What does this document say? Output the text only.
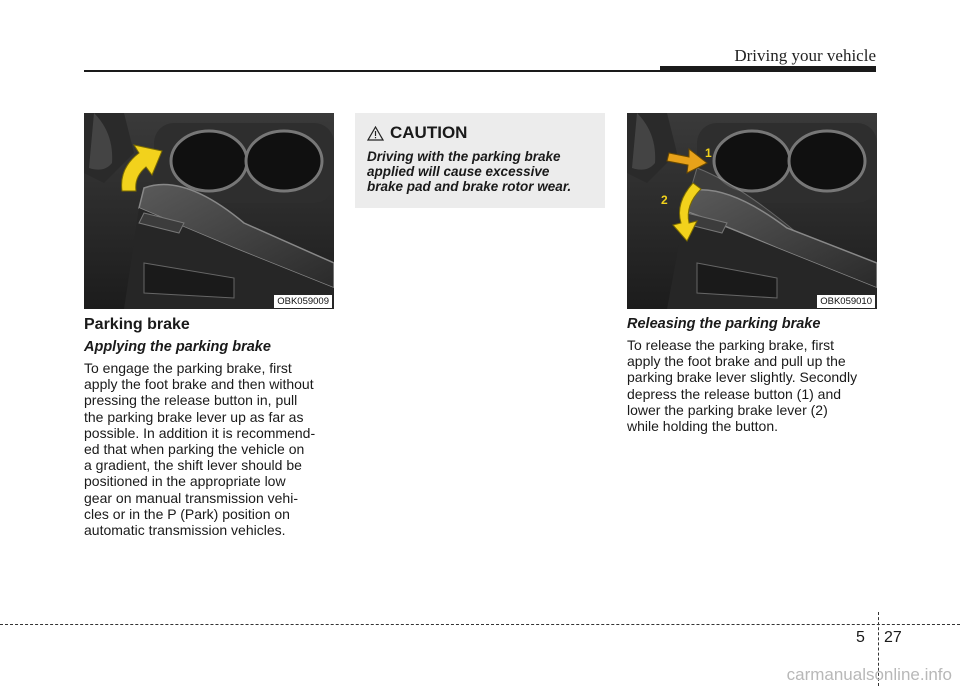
Driving your vehicle
OBK059009
CAUTION
Driving with the parking brake
applied will cause excessive
brake pad and brake rotor wear.
1
2
OBK059010
Parking brake
Applying the parking brake
To engage the parking brake, first
apply the foot brake and then without
pressing the release button in, pull
the parking brake lever up as far as
possible. In addition it is recommend-
ed that when parking the vehicle on
a gradient, the shift lever should be
positioned in the appropriate low
gear on manual transmission vehi-
cles or in the P (Park) position on
automatic transmission vehicles.
Releasing the parking brake
To release the parking brake, first
apply the foot brake and pull up the
parking brake lever slightly. Secondly
depress the release button (1) and
lower the parking brake lever (2)
while holding the button.
5 27
carmanualsonline.info
